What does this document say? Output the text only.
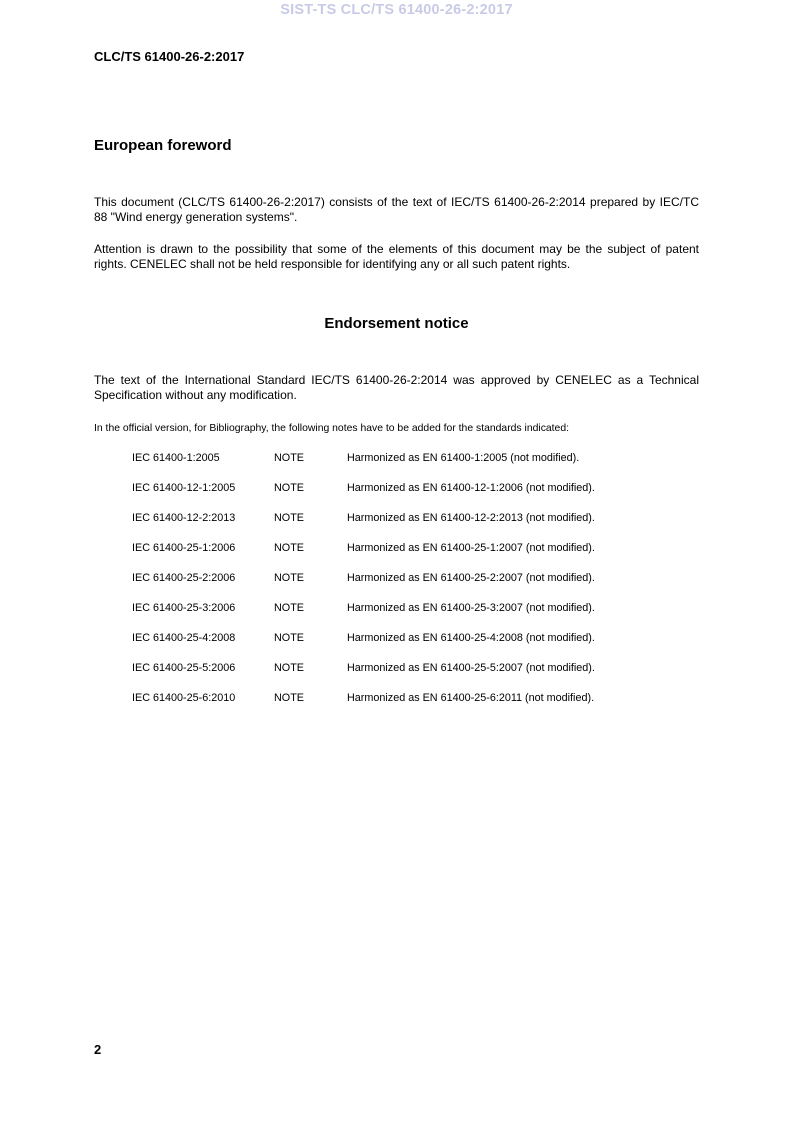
SIST-TS CLC/TS 61400-26-2:2017
CLC/TS 61400-26-2:2017
European foreword

This document (CLC/TS 61400-26-2:2017) consists of the text of IEC/TS 61400-26-2:2014 prepared by IEC/TC 88 "Wind energy generation systems".

Attention is drawn to the possibility that some of the elements of this document may be the subject of patent rights. CENELEC shall not be held responsible for identifying any or all such patent rights.

Endorsement notice

The text of the International Standard IEC/TS 61400-26-2:2014 was approved by CENELEC as a Technical Specification without any modification.

In the official version, for Bibliography, the following notes have to be added for the standards indicated:

IEC 61400-1:2005	NOTE	Harmonized as EN 61400-1:2005 (not modified).
IEC 61400-12-1:2005	NOTE	Harmonized as EN 61400-12-1:2006 (not modified).
IEC 61400-12-2:2013	NOTE	Harmonized as EN 61400-12-2:2013 (not modified).
IEC 61400-25-1:2006	NOTE	Harmonized as EN 61400-25-1:2007 (not modified).
IEC 61400-25-2:2006	NOTE	Harmonized as EN 61400-25-2:2007 (not modified).
IEC 61400-25-3:2006	NOTE	Harmonized as EN 61400-25-3:2007 (not modified).
IEC 61400-25-4:2008	NOTE	Harmonized as EN 61400-25-4:2008 (not modified).
IEC 61400-25-5:2006	NOTE	Harmonized as EN 61400-25-5:2007 (not modified).
IEC 61400-25-6:2010	NOTE	Harmonized as EN 61400-25-6:2011 (not modified).
2
